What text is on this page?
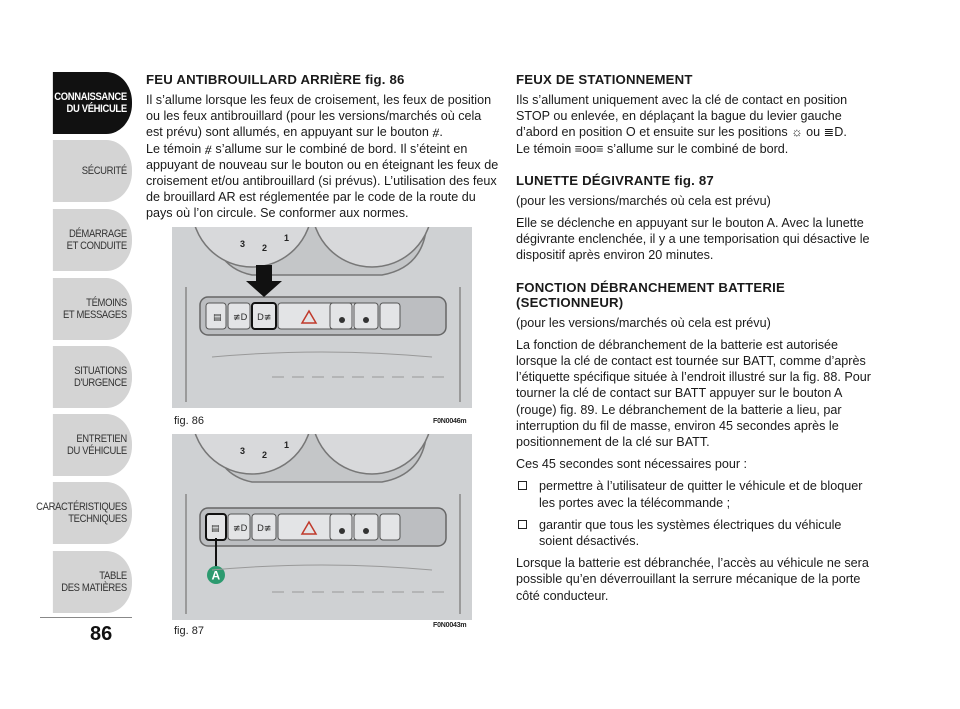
CONNAISSANCE
DU VÉHICULE
SÉCURITÉ
DÉMARRAGE
ET CONDUITE
TÉMOINS
ET MESSAGES
SITUATIONS
D'URGENCE
ENTRETIEN
DU VÉHICULE
CARACTÉRISTIQUES
TECHNIQUES
TABLE
DES MATIÈRES
86
FEU ANTIBROUILLARD ARRIÈRE fig. 86
Il s’allume lorsque les feux de croisement, les feux de position ou les feux antibrouillard (pour les versions/marchés où cela est prévu) sont allumés, en appuyant sur le bouton ⧣.
Le témoin ⧣ s’allume sur le combiné de bord. Il s’éteint en appuyant de nouveau sur le bouton ou en éteignant les feux de croisement et/ou antibrouillard (si prévus). L’utilisation des feux de brouillard AR est réglementée par le code de la route du pays où l’on circule. Se conformer aux normes.
3 2
1
▤ ≢D D≢
fig. 86	F0N0046m
3 2
1
▤ ≢D D≢
A
fig. 87	F0N0043m
FEUX DE STATIONNEMENT
Ils s’allument uniquement avec la clé de contact en position STOP ou enlevée, en déplaçant la bague du levier gauche d’abord en position O et ensuite sur les positions ☼ ou ≣D.
Le témoin ≡oo≡ s’allume sur le combiné de bord.
LUNETTE DÉGIVRANTE fig. 87
(pour les versions/marchés où cela est prévu)
Elle se déclenche en appuyant sur le bouton A. Avec la lunette dégivrante enclenchée, il y a une temporisation qui désactive le dispositif après environ 20 minutes.
FONCTION DÉBRANCHEMENT BATTERIE (SECTIONNEUR)
(pour les versions/marchés où cela est prévu)
La fonction de débranchement de la batterie est autorisée lorsque la clé de contact est tournée sur BATT, comme d’après l’étiquette spécifique située à l’endroit illustré sur la fig. 88. Pour tourner la clé de contact sur BATT appuyer sur le bouton A (rouge) fig. 89. Le débranchement de la batterie a lieu, par interruption du fil de masse, environ 45 secondes après le positionnement de la clé sur BATT.
Ces 45 secondes sont nécessaires pour :
permettre à l’utilisateur de quitter le véhicule et de bloquer les portes avec la télécommande ;
garantir que tous les systèmes électriques du véhicule soient désactivés.
Lorsque la batterie est débranchée, l’accès au véhicule ne sera possible qu’en déverrouillant la serrure mécanique de la porte côté conducteur.
